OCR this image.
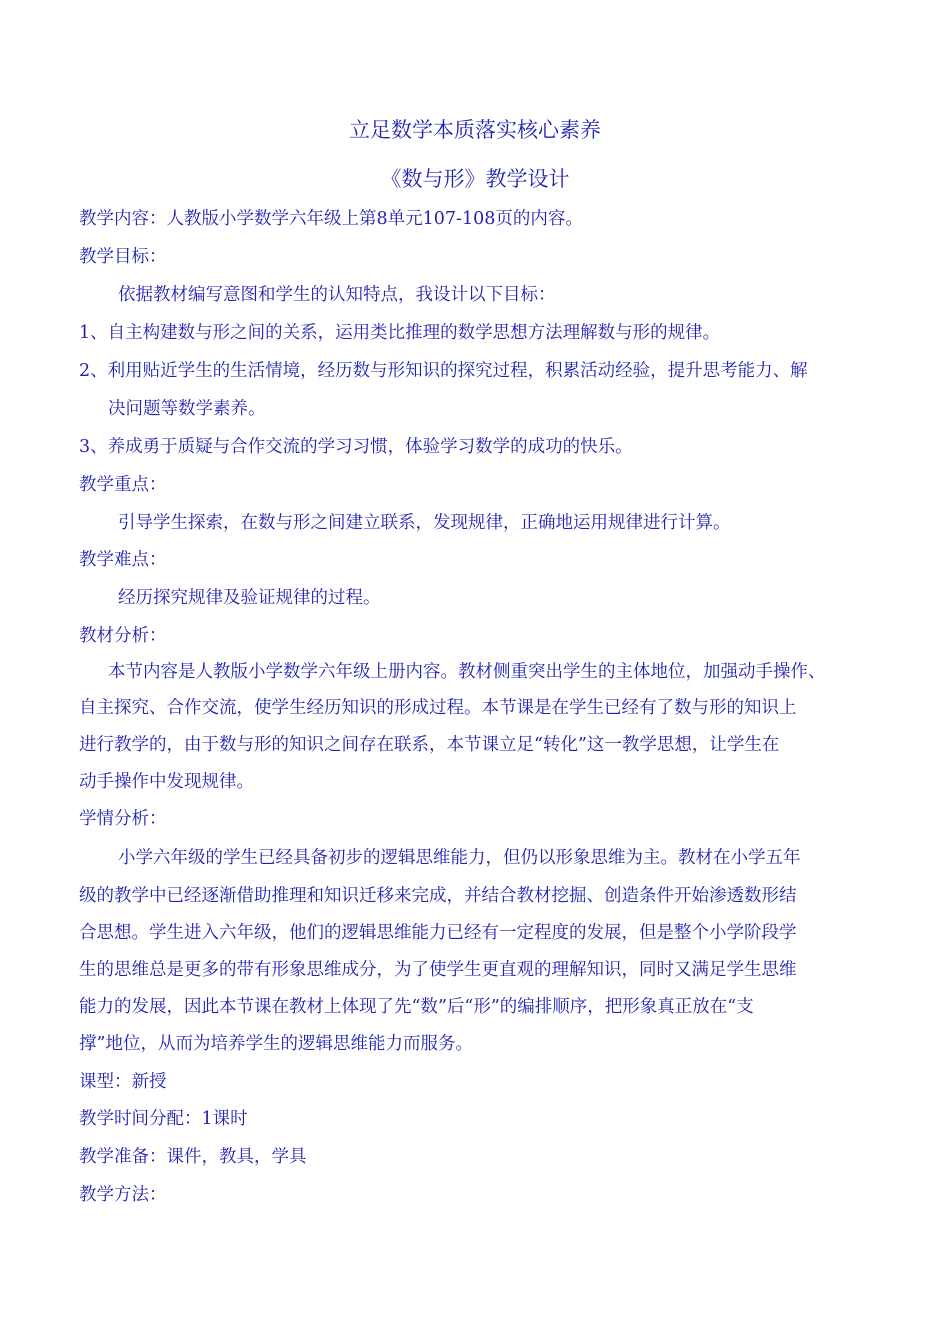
立足数学本质落实核心素养
《数与形》教学设计
教学内容：人教版小学数学六年级上第8单元107-108页的内容。
教学目标：
依据教材编写意图和学生的认知特点，我设计以下目标：
1、自主构建数与形之间的关系，运用类比推理的数学思想方法理解数与形的规律。
2、利用贴近学生的生活情境，经历数与形知识的探究过程，积累活动经验，提升思考能力、解
决问题等数学素养。
3、养成勇于质疑与合作交流的学习习惯，体验学习数学的成功的快乐。
教学重点：
引导学生探索，在数与形之间建立联系，发现规律，正确地运用规律进行计算。
教学难点：
经历探究规律及验证规律的过程。
教材分析：
本节内容是人教版小学数学六年级上册内容。教材侧重突出学生的主体地位，加强动手操作、
自主探究、合作交流，使学生经历知识的形成过程。本节课是在学生已经有了数与形的知识上
进行教学的，由于数与形的知识之间存在联系，本节课立足“转化”这一教学思想，让学生在
动手操作中发现规律。
学情分析：
小学六年级的学生已经具备初步的逻辑思维能力，但仍以形象思维为主。教材在小学五年
级的教学中已经逐渐借助推理和知识迁移来完成，并结合教材挖掘、创造条件开始渗透数形结
合思想。学生进入六年级，他们的逻辑思维能力已经有一定程度的发展，但是整个小学阶段学
生的思维总是更多的带有形象思维成分，为了使学生更直观的理解知识，同时又满足学生思维
能力的发展，因此本节课在教材上体现了先“数”后“形”的编排顺序，把形象真正放在“支
撑”地位，从而为培养学生的逻辑思维能力而服务。
课型：新授
教学时间分配：1课时
教学准备：课件，教具，学具
教学方法：
